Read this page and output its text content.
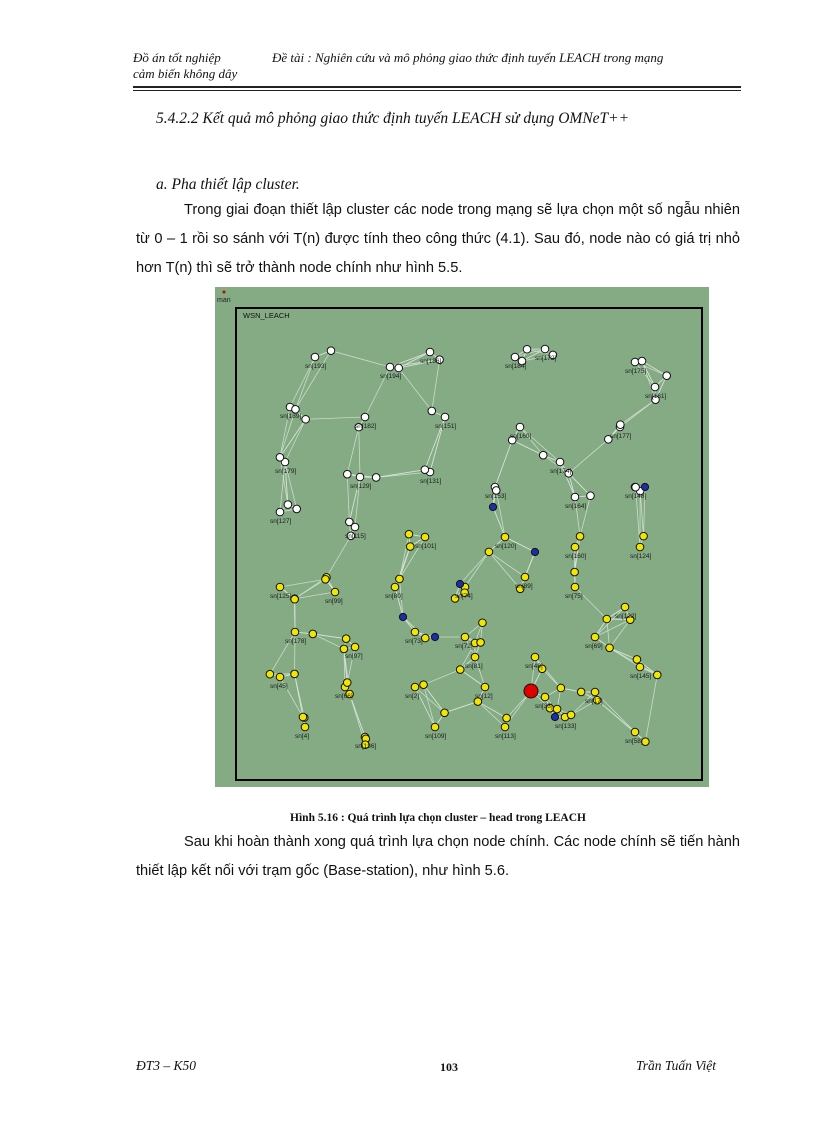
Đồ án tốt nghiệp	Đề tài : Nghiên cứu và mô phỏng giao thức định tuyến LEACH trong mạng
cảm biến không dây
5.4.2.2 Kết quả mô phỏng giao thức định tuyến LEACH sử dụng OMNeT++
a. Pha thiết lập cluster.

Trong giai đoạn thiết lập cluster các node trong mạng sẽ lựa chọn một số ngẫu nhiên từ 0 – 1 rồi so sánh với T(n) được tính theo công thức (4.1). Sau đó, node nào có giá trị nhỏ hơn T(n) thì sẽ trở thành node chính như hình 5.5.

man
WSN_LEACH
sn[193]
sn[194]
sn[186]
sn[184]
sn[172]
sn[175]
sn[161]
sn[189]
sn[182]	sn[151]
sn[160]
sn[174]
sn[177]
sn[179]
sn[129]
sn[131]
sn[153]
sn[164]
sn[148]
sn[127]
sn[115]
sn[101]	sn[120]
sn[160]	sn[124]
sn[125]
sn[99]
sn[80]	sn[74]
sn[89]
sn[75]
sn[122]
sn[178]
sn[97]
sn[73]
sn[81]	sn[48]
sn[69]
sn[145]
sn[45]
sn[66]	sn[2]	sn[12]
sn[33]
sn[17]
sn[4]
sn[136]
sn[109]	sn[113]
sn[133]
sn[58]
sn[72]
Hình 5.16 : Quá trình lựa chọn cluster – head trong LEACH

Sau khi hoàn thành xong quá trình lựa chọn node chính. Các node chính sẽ tiến hành thiết lập kết nối với trạm gốc (Base-station), như hình 5.6.

ĐT3 – K50	103	Trần Tuấn Việt
